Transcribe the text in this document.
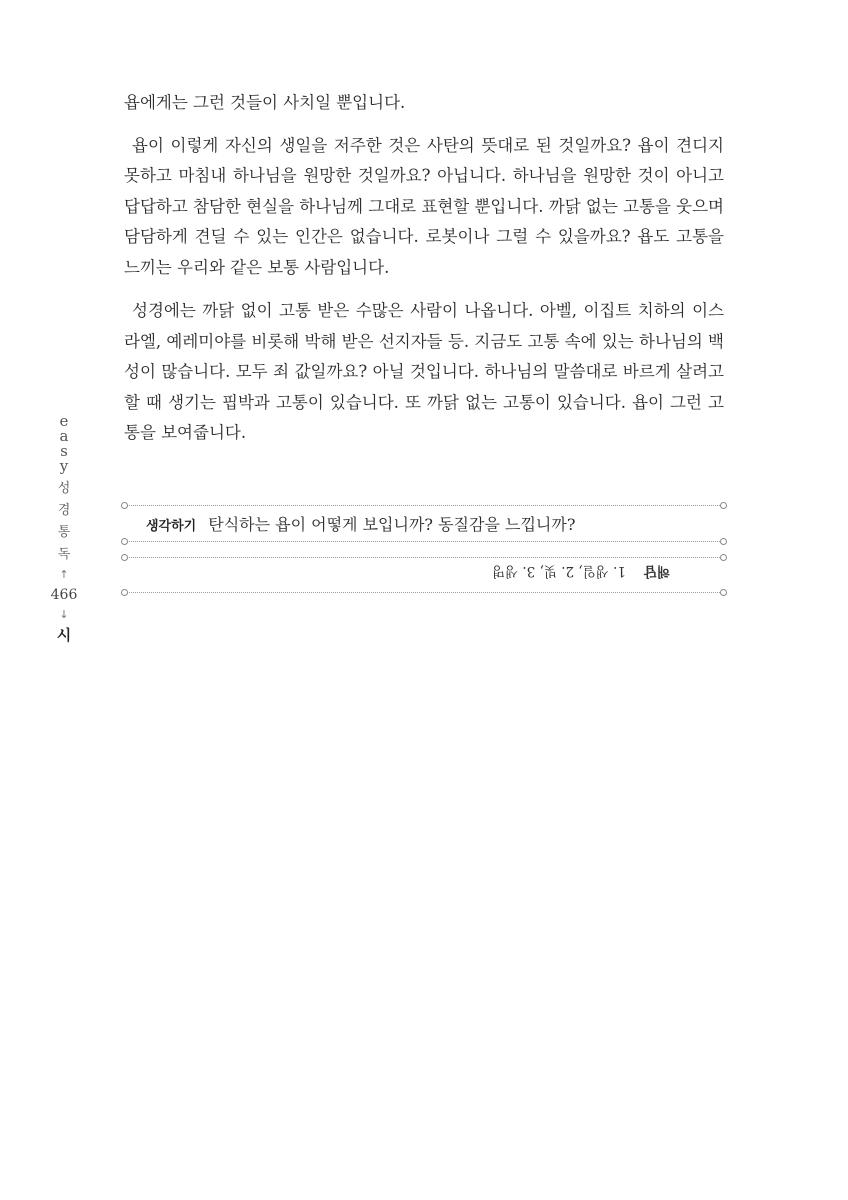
욥에게는 그런 것들이 사치일 뿐입니다.

욥이 이렇게 자신의 생일을 저주한 것은 사탄의 뜻대로 된 것일까요? 욥이 견디지 못하고 마침내 하나님을 원망한 것일까요? 아닙니다. 하나님을 원망한 것이 아니고 답답하고 참담한 현실을 하나님께 그대로 표현할 뿐입니다. 까닭 없는 고통을 웃으며 담담하게 견딜 수 있는 인간은 없습니다. 로봇이나 그럴 수 있을까요? 욥도 고통을 느끼는 우리와 같은 보통 사람입니다.

성경에는 까닭 없이 고통 받은 수많은 사람이 나옵니다. 아벨, 이집트 치하의 이스라엘, 예레미야를 비롯해 박해 받은 선지자들 등. 지금도 고통 속에 있는 하나님의 백성이 많습니다. 모두 죄 값일까요? 아닐 것입니다. 하나님의 말씀대로 바르게 살려고 할 때 생기는 핍박과 고통이 있습니다. 또 까닭 없는 고통이 있습니다. 욥이 그런 고통을 보여줍니다.

e
a
s
y
성
경
통
독
↑
466
↓
시
생각하기 탄식하는 욥이 어떻게 보입니까? 동질감을 느낍니까?
해답1. 생일, 2. 빛, 3. 생명
